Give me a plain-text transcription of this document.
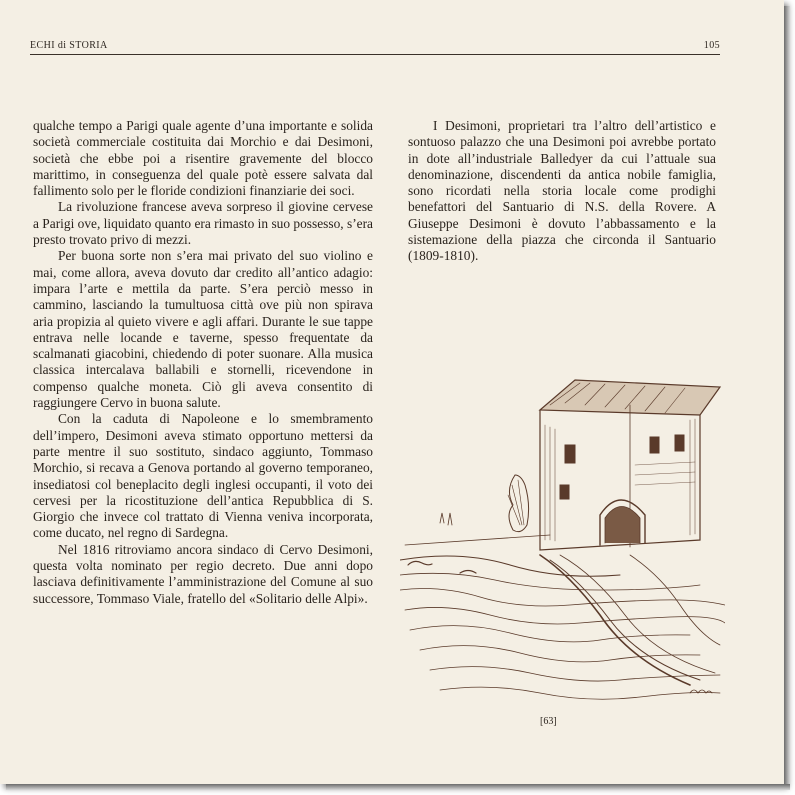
ECHI di STORIA	105

qualche tempo a Parigi quale agente d’una importante e solida società commerciale costituita dai Morchio e dai Desimoni, società che ebbe poi a risentire gravemente del blocco marittimo, in conseguenza del quale potè essere salvata dal fallimento solo per le floride condizioni finanziarie dei soci.

La rivoluzione francese aveva sorpreso il giovine cervese a Parigi ove, liquidato quanto era rimasto in suo possesso, s’era presto trovato privo di mezzi.

Per buona sorte non s’era mai privato del suo violino e mai, come allora, aveva dovuto dar credito all’antico adagio: impara l’arte e mettila da parte. S’era perciò messo in cammino, lasciando la tumultuosa città ove più non spirava aria propizia al quieto vivere e agli affari. Durante le sue tappe entrava nelle locande e taverne, spesso frequentate da scalmanati giacobini, chiedendo di poter suonare. Alla musica classica intercalava ballabili e stornelli, ricevendone in compenso qualche moneta. Ciò gli aveva consentito di raggiungere Cervo in buona salute.

Con la caduta di Napoleone e lo smembramento dell’impero, Desimoni aveva stimato opportuno mettersi da parte mentre il suo sostituto, sindaco aggiunto, Tommaso Morchio, si recava a Genova portando al governo temporaneo, insediatosi col beneplacito degli inglesi occupanti, il voto dei cervesi per la ricostituzione dell’antica Repubblica di S. Giorgio che invece col trattato di Vienna veniva incorporata, come ducato, nel regno di Sardegna.

Nel 1816 ritroviamo ancora sindaco di Cervo Desimoni, questa volta nominato per regio decreto. Due anni dopo lasciava definitivamente l’amministrazione del Comune al suo successore, Tommaso Viale, fratello del «Solitario delle Alpi».

I Desimoni, proprietari tra l’altro dell’artistico e sontuoso palazzo che una Desimoni poi avrebbe portato in dote all’industriale Balledyer da cui l’attuale sua denominazione, discendenti da antica nobile famiglia, sono ricordati nella storia locale come prodighi benefattori del Santuario di N.S. della Rovere. A Giuseppe Desimoni è dovuto l’abbassamento e la sistemazione della piazza che circonda il Santuario (1809-1810).

[63]
